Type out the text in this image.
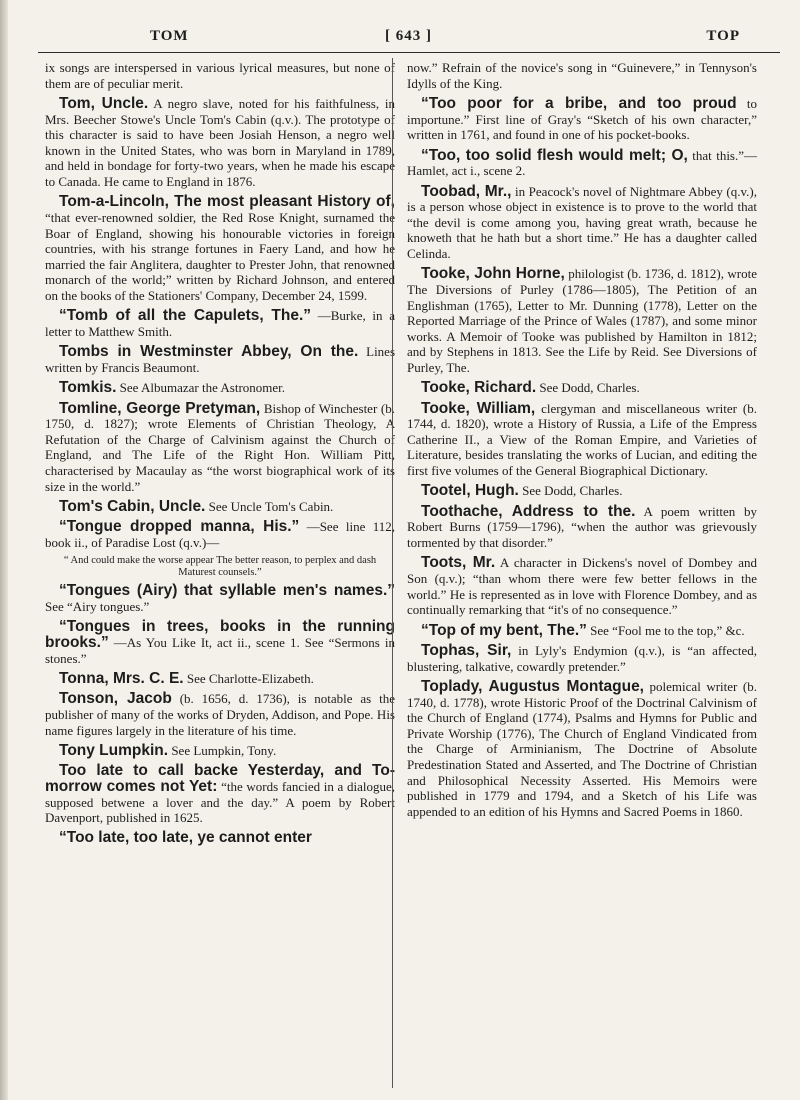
TOM	[ 643 ]	TOP

ix songs are interspersed in various lyrical measures, but none of them are of peculiar merit.

Tom, Uncle. A negro slave, noted for his faithfulness, in Mrs. Beecher Stowe's Uncle Tom's Cabin (q.v.). The prototype of this character is said to have been Josiah Henson, a negro well known in the United States, who was born in Maryland in 1789, and held in bondage for forty-two years, when he made his escape to Canada. He came to England in 1876.

Tom-a-Lincoln, The most pleasant History of, “that ever-renowned soldier, the Red Rose Knight, surnamed the Boar of England, showing his honourable victories in foreign countries, with his strange fortunes in Faery Land, and how he married the fair Anglitera, daughter to Prester John, that renowned monarch of the world;” written by Richard Johnson, and entered on the books of the Stationers' Company, December 24, 1599.

“Tomb of all the Capulets, The.” —Burke, in a letter to Matthew Smith.

Tombs in Westminster Abbey, On the. Lines written by Francis Beaumont.

Tomkis. See Albumazar the Astronomer.

Tomline, George Pretyman, Bishop of Winchester (b. 1750, d. 1827); wrote Elements of Christian Theology, A Refutation of the Charge of Calvinism against the Church of England, and The Life of the Right Hon. William Pitt, characterised by Macaulay as “the worst biographical work of its size in the world.”

Tom's Cabin, Uncle. See Uncle Tom's Cabin.

“Tongue dropped manna, His.” —See line 112, book ii., of Paradise Lost (q.v.)—

“ And could make the worse appear The better reason, to perplex and dash Maturest counsels.”

“Tongues (Airy) that syllable men's names.” See “Airy tongues.”

“Tongues in trees, books in the running brooks.” —As You Like It, act ii., scene 1. See “Sermons in stones.”

Tonna, Mrs. C. E. See Charlotte-Elizabeth.

Tonson, Jacob (b. 1656, d. 1736), is notable as the publisher of many of the works of Dryden, Addison, and Pope. His name figures largely in the literature of his time.

Tony Lumpkin. See Lumpkin, Tony.

Too late to call backe Yesterday, and To-morrow comes not Yet: “the words fancied in a dialogue, supposed betwene a lover and the day.” A poem by Robert Davenport, published in 1625.

“Too late, too late, ye cannot enter

now.” Refrain of the novice's song in “Guinevere,” in Tennyson's Idylls of the King.

“Too poor for a bribe, and too proud to importune.” First line of Gray's “Sketch of his own character,” written in 1761, and found in one of his pocket-books.

“Too, too solid flesh would melt; O, that this.”—Hamlet, act i., scene 2.

Toobad, Mr., in Peacock's novel of Nightmare Abbey (q.v.), is a person whose object in existence is to prove to the world that “the devil is come among you, having great wrath, because he knoweth that he hath but a short time.” He has a daughter called Celinda.

Tooke, John Horne, philologist (b. 1736, d. 1812), wrote The Diversions of Purley (1786—1805), The Petition of an Englishman (1765), Letter to Mr. Dunning (1778), Letter on the Reported Marriage of the Prince of Wales (1787), and some minor works. A Memoir of Tooke was published by Hamilton in 1812; and by Stephens in 1813. See the Life by Reid. See Diversions of Purley, The.

Tooke, Richard. See Dodd, Charles.

Tooke, William, clergyman and miscellaneous writer (b. 1744, d. 1820), wrote a History of Russia, a Life of the Empress Catherine II., a View of the Roman Empire, and Varieties of Literature, besides translating the works of Lucian, and editing the first five volumes of the General Biographical Dictionary.

Tootel, Hugh. See Dodd, Charles.

Toothache, Address to the. A poem written by Robert Burns (1759—1796), “when the author was grievously tormented by that disorder.”

Toots, Mr. A character in Dickens's novel of Dombey and Son (q.v.); “than whom there were few better fellows in the world.” He is represented as in love with Florence Dombey, and as continually remarking that “it's of no consequence.”

“Top of my bent, The.” See “Fool me to the top,” &c.

Tophas, Sir, in Lyly's Endymion (q.v.), is “an affected, blustering, talkative, cowardly pretender.”

Toplady, Augustus Montague, polemical writer (b. 1740, d. 1778), wrote Historic Proof of the Doctrinal Calvinism of the Church of England (1774), Psalms and Hymns for Public and Private Worship (1776), The Church of England Vindicated from the Charge of Arminianism, The Doctrine of Absolute Predestination Stated and Asserted, and The Doctrine of Christian and Philosophical Necessity Asserted. His Memoirs were published in 1779 and 1794, and a Sketch of his Life was appended to an edition of his Hymns and Sacred Poems in 1860.
